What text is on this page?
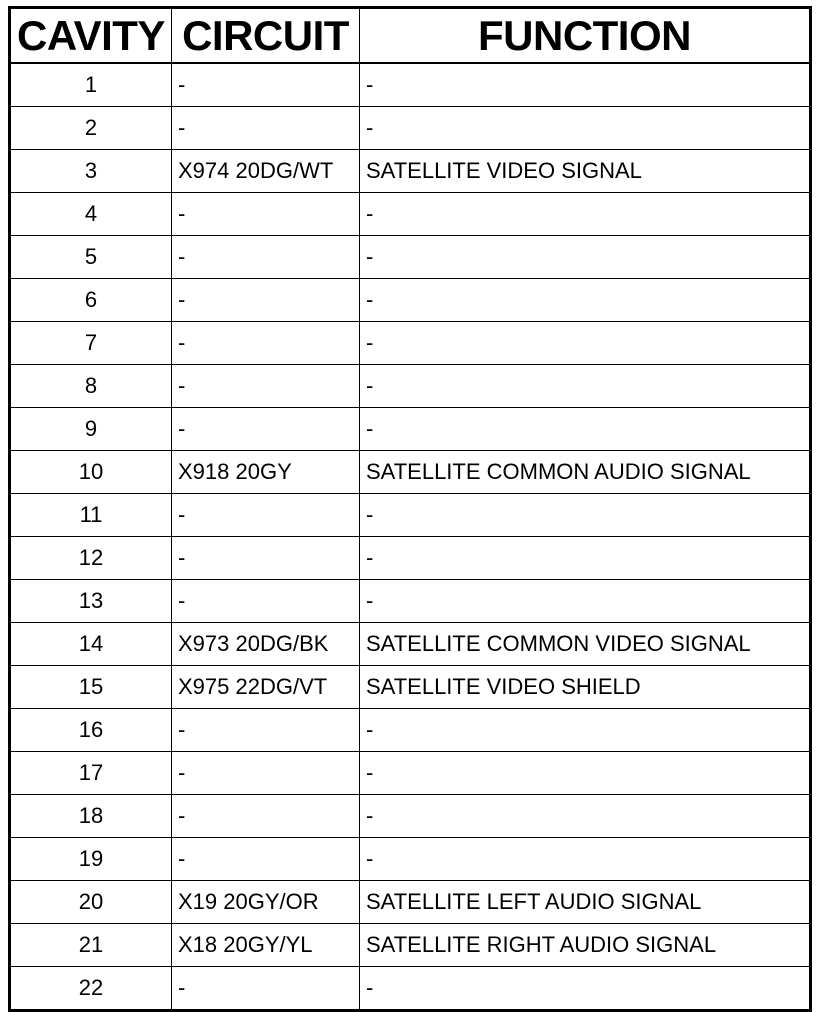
CAVITY	CIRCUIT	FUNCTION
1	-	-
2	-	-
3	X974 20DG/WT	SATELLITE VIDEO SIGNAL
4	-	-
5	-	-
6	-	-
7	-	-
8	-	-
9	-	-
10	X918 20GY	SATELLITE COMMON AUDIO SIGNAL
11	-	-
12	-	-
13	-	-
14	X973 20DG/BK	SATELLITE COMMON VIDEO SIGNAL
15	X975 22DG/VT	SATELLITE VIDEO SHIELD
16	-	-
17	-	-
18	-	-
19	-	-
20	X19 20GY/OR	SATELLITE LEFT AUDIO SIGNAL
21	X18 20GY/YL	SATELLITE RIGHT AUDIO SIGNAL
22	-	-
